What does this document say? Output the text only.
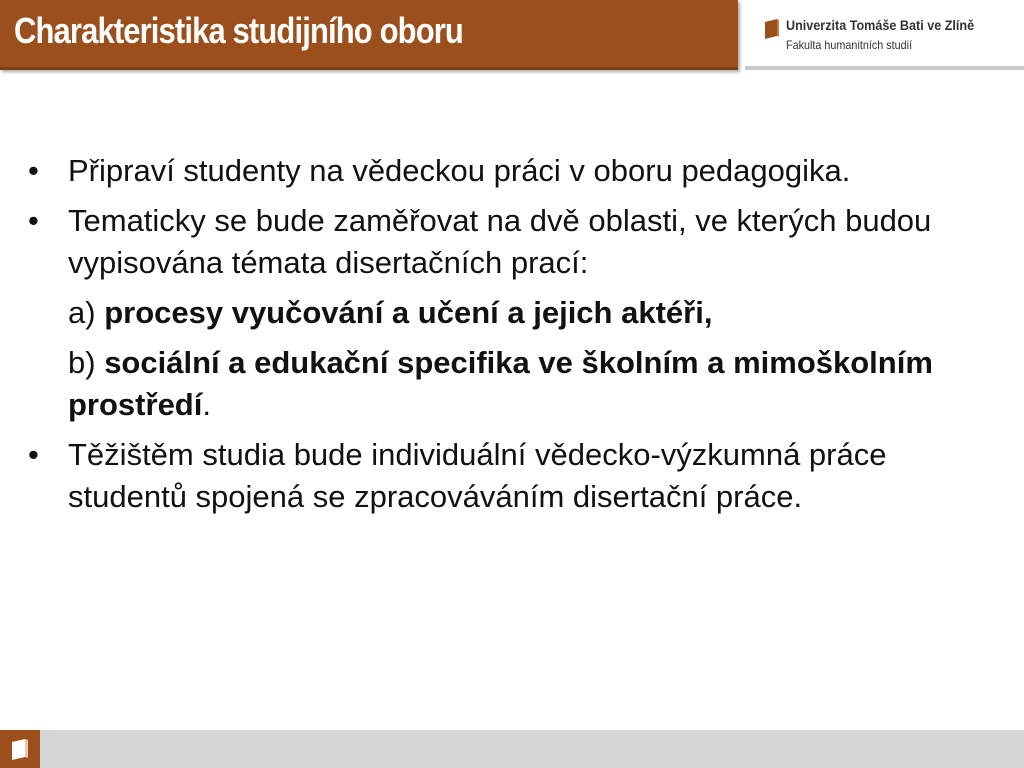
Charakteristika studijního oboru	Univerzita Tomáše Bati ve Zlíně
Fakulta humanitních studií
• Připraví studenty na vědeckou práci v oboru pedagogika.
• Tematicky se bude zaměřovat na dvě oblasti, ve kterých budou vypisována témata disertačních prací:
a) procesy vyučování a učení a jejich aktéři,
b) sociální a edukační specifika ve školním a mimoškolním prostředí.
• Těžištěm studia bude individuální vědecko-výzkumná práce studentů spojená se zpracováváním disertační práce.
